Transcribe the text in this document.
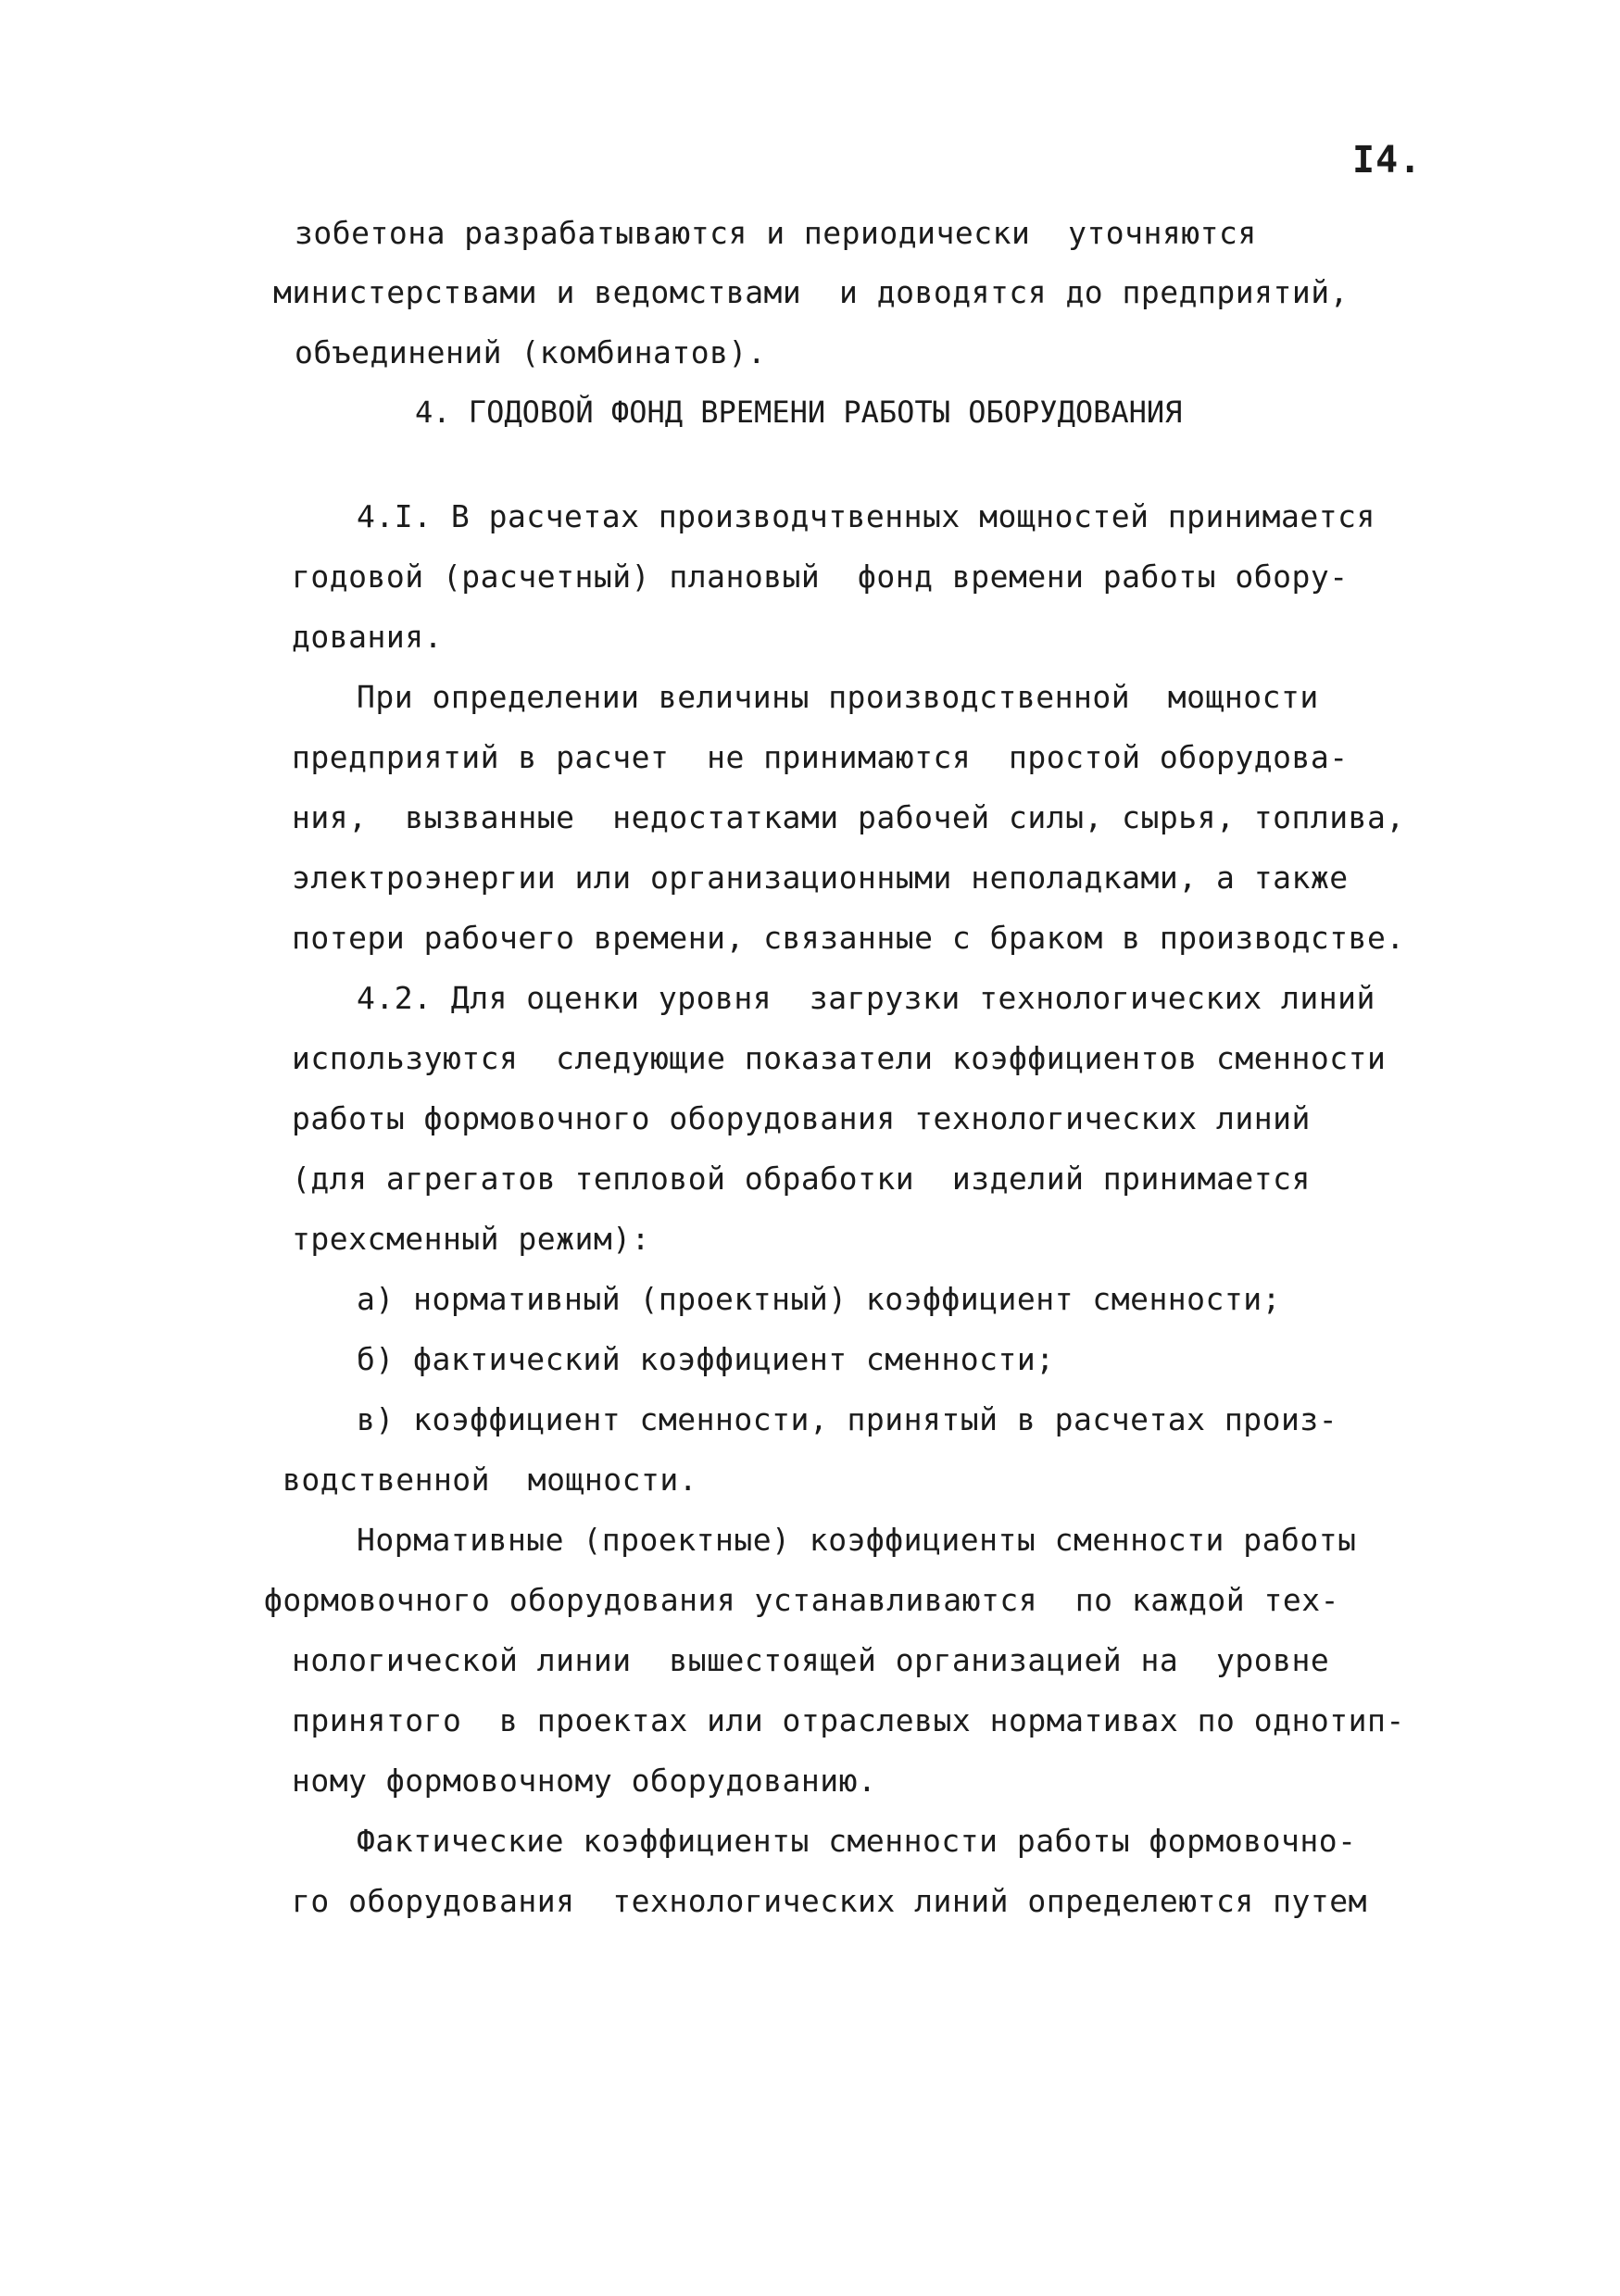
I4.
зобетона разрабатываются и периодически  уточняются
министерствами и ведомствами  и доводятся до предприятий,
объединений (комбинатов).
4. ГОДОВОЙ ФОНД ВРЕМЕНИ РАБОТЫ ОБОРУДОВАНИЯ
4.I. В расчетах производчтвенных мощностей принимается
годовой (расчетный) плановый  фонд времени работы обору-
дования.
При определении величины производственной  мощности
предприятий в расчет  не принимаются  простой оборудова-
ния,  вызванные  недостатками рабочей силы, сырья, топлива,
электроэнергии или организационными неполадками, а также
потери рабочего времени, связанные с браком в производстве.
4.2. Для оценки уровня  загрузки технологических линий
используются  следующие показатели коэффициентов сменности
работы формовочного оборудования технологических линий
(для агрегатов тепловой обработки  изделий принимается
трехсменный режим):
а) нормативный (проектный) коэффициент сменности;
б) фактический коэффициент сменности;
в) коэффициент сменности, принятый в расчетах произ-
водственной  мощности.
Нормативные (проектные) коэффициенты сменности работы
формовочного оборудования устанавливаются  по каждой тех-
нологической линии  вышестоящей организацией на  уровне
принятого  в проектах или отраслевых нормативах по однотип-
ному формовочному оборудованию.
Фактические коэффициенты сменности работы формовочно-
го оборудования  технологических линий определеются путем
